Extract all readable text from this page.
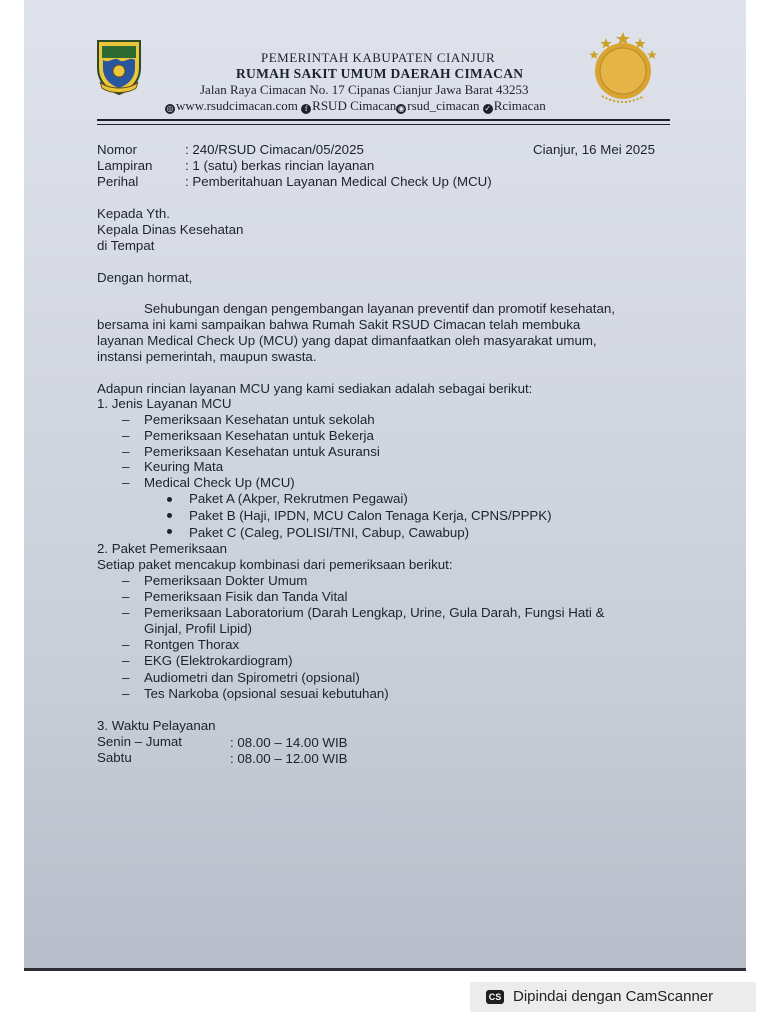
PEMERINTAH KABUPATEN CIANJUR
RUMAH SAKIT UMUM DAERAH CIMACAN
Jalan Raya Cimacan No. 17 Cipanas Cianjur Jawa Barat 43253
◎ www.rsudcimacan.com f RSUD Cimacan ◉ rsud_cimacan ✓ Rcimacan
Nomor	: 240/RSUD Cimacan/05/2025	Cianjur, 16 Mei 2025
Lampiran : 1 (satu) berkas rincian layanan
Perihal	: Pemberitahuan Layanan Medical Check Up (MCU)
Kepada Yth.
Kepala Dinas Kesehatan
di Tempat
Dengan hormat,
Sehubungan dengan pengembangan layanan preventif dan promotif kesehatan,
bersama ini kami sampaikan bahwa Rumah Sakit RSUD Cimacan telah membuka
layanan Medical Check Up (MCU) yang dapat dimanfaatkan oleh masyarakat umum,
instansi pemerintah, maupun swasta.
Adapun rincian layanan MCU yang kami sediakan adalah sebagai berikut:
1. Jenis Layanan MCU
– Pemeriksaan Kesehatan untuk sekolah
– Pemeriksaan Kesehatan untuk Bekerja
– Pemeriksaan Kesehatan untuk Asuransi
– Keuring Mata
– Medical Check Up (MCU)
Paket A (Akper, Rekrutmen Pegawai)
Paket B (Haji, IPDN, MCU Calon Tenaga Kerja, CPNS/PPPK)
Paket C (Caleg, POLISI/TNI, Cabup, Cawabup)
2. Paket Pemeriksaan
Setiap paket mencakup kombinasi dari pemeriksaan berikut:
– Pemeriksaan Dokter Umum
– Pemeriksaan Fisik dan Tanda Vital
– Pemeriksaan Laboratorium (Darah Lengkap, Urine, Gula Darah, Fungsi Hati &
Ginjal, Profil Lipid)
– Rontgen Thorax
– EKG (Elektrokardiogram)
– Audiometri dan Spirometri (opsional)
– Tes Narkoba (opsional sesuai kebutuhan)
3. Waktu Pelayanan
Senin – Jumat	: 08.00 – 14.00 WIB
Sabtu	: 08.00 – 12.00 WIB
CS Dipindai dengan CamScanner
